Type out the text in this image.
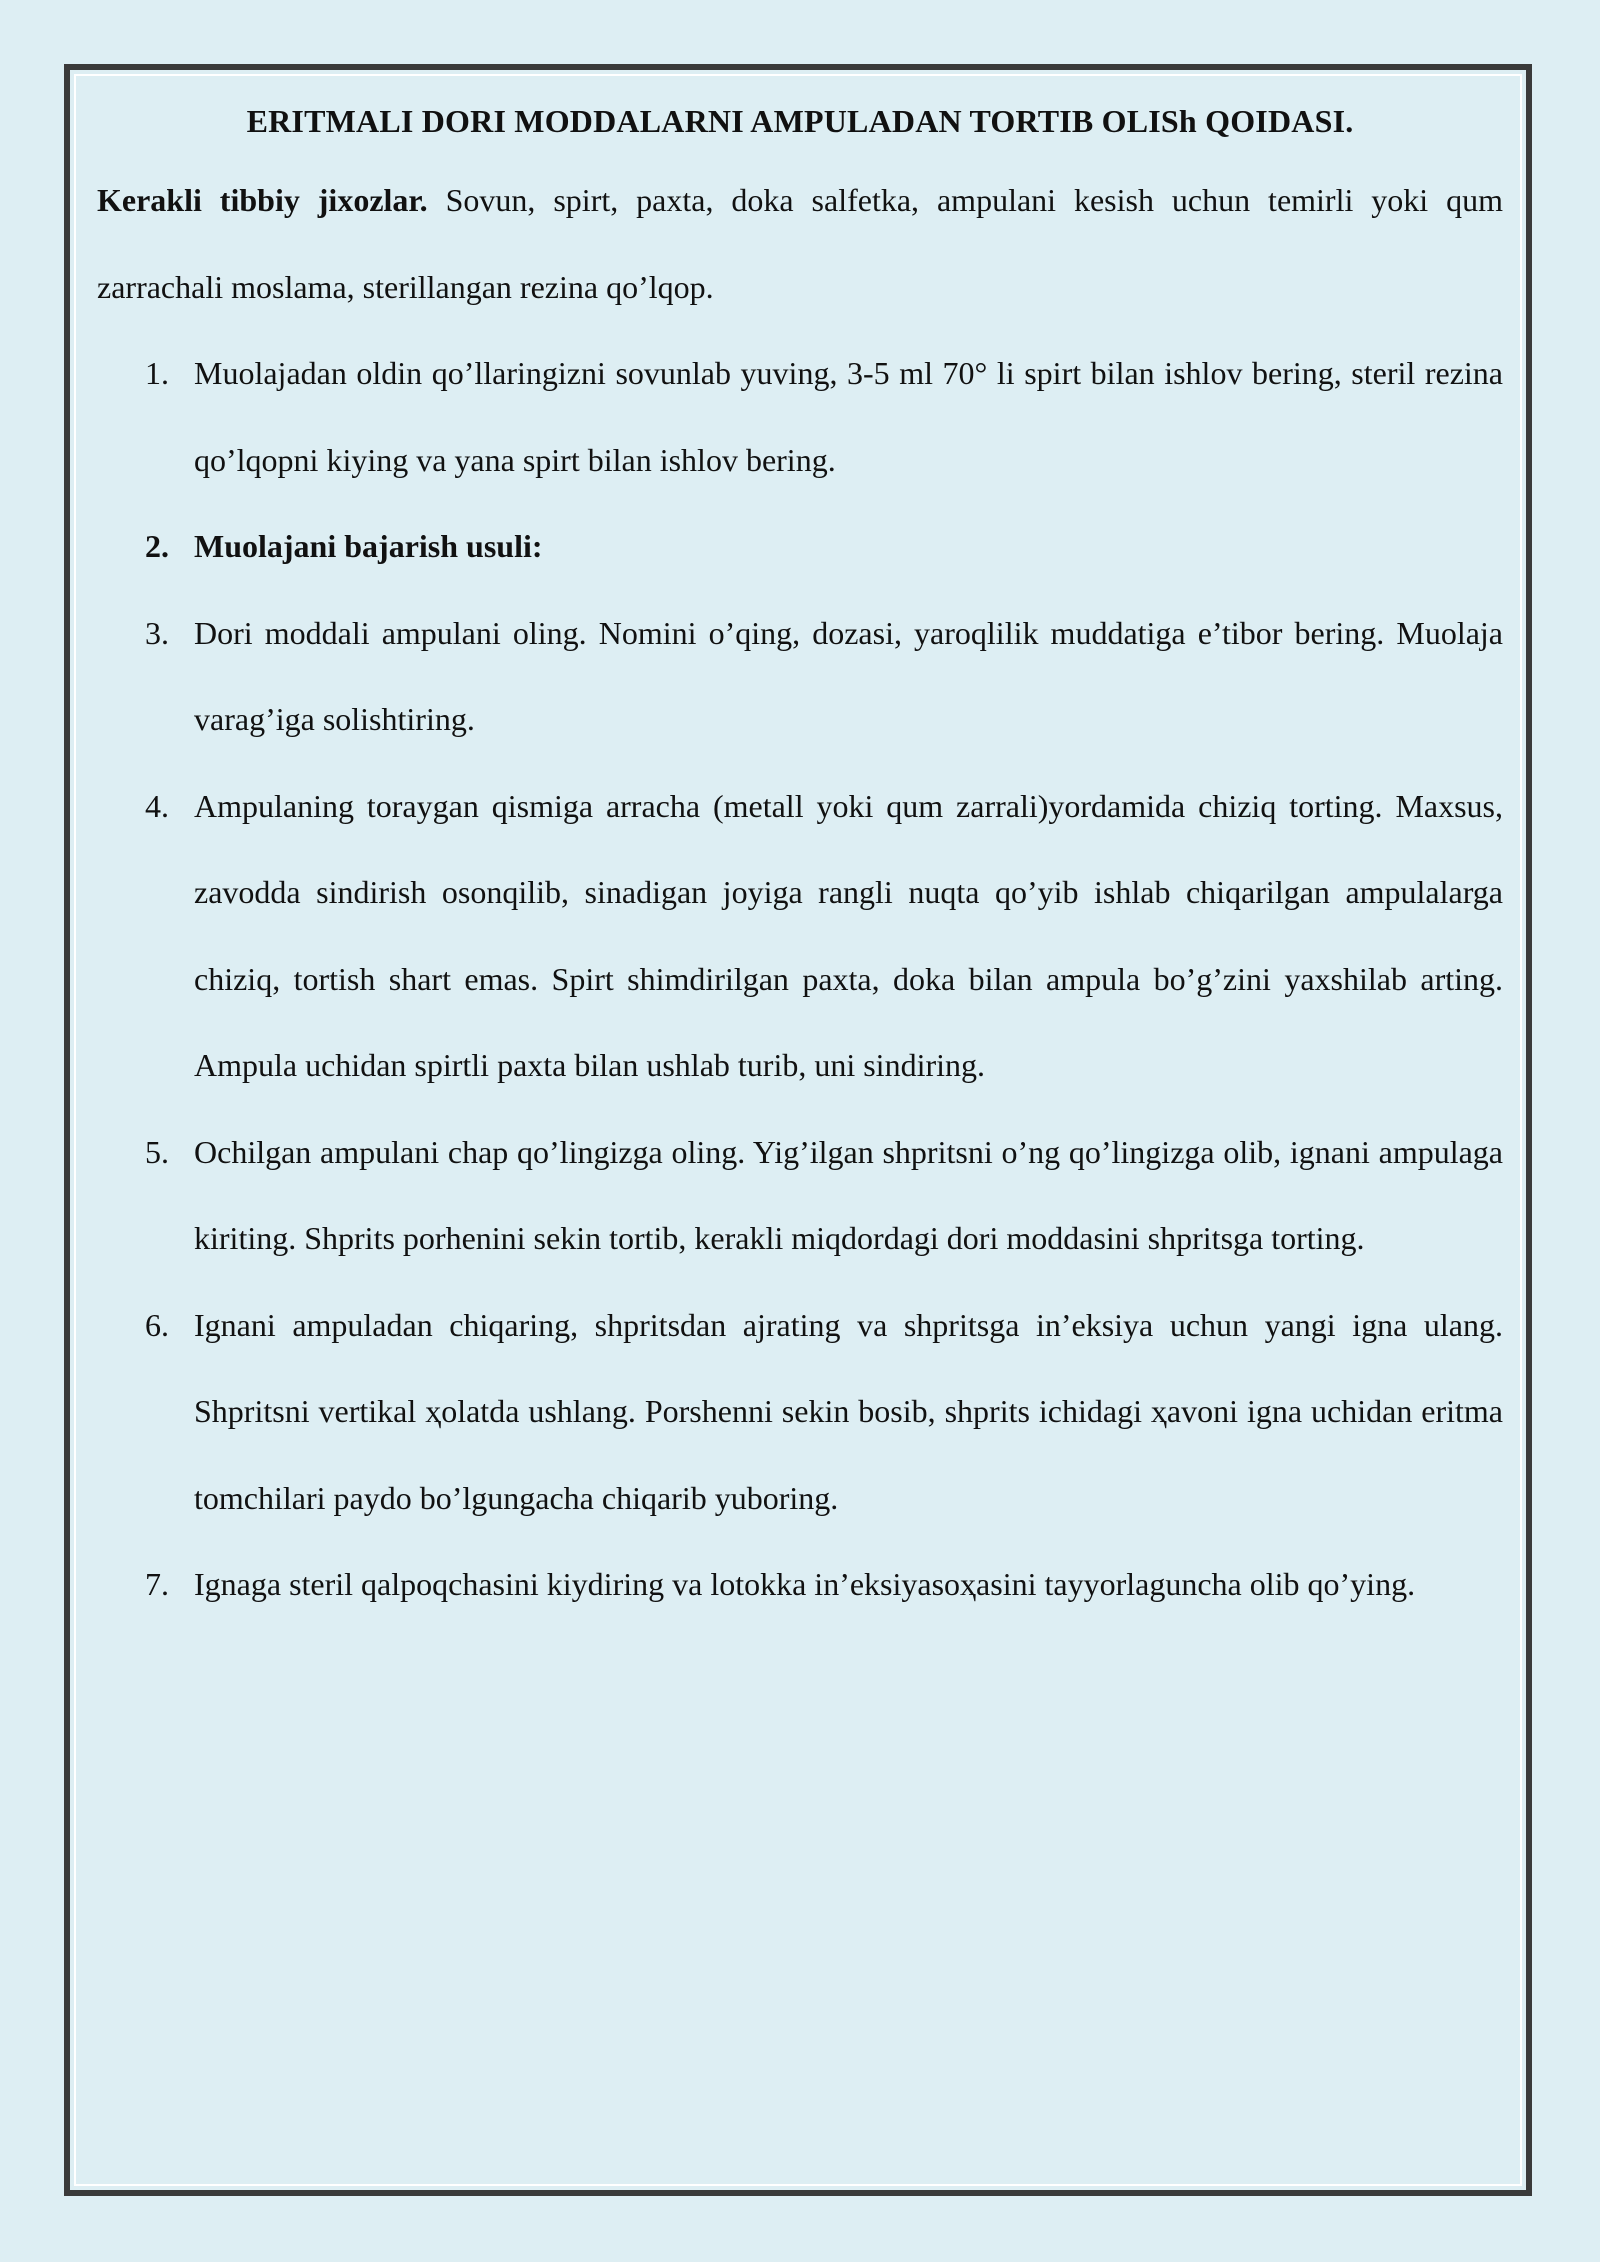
ERITMALI DORI MODDALARNI AMPULADAN TORTIB OLISh QOIDASI.

Kerakli tibbiy jixozlar. Sovun, spirt, paxta, doka salfetka, ampulani kesish uchun temirli yoki qum zarrachali moslama, sterillangan rezina qo’lqop.

1. Muolajadan oldin qo’llaringizni sovunlab yuving, 3-5 ml 70° li spirt bilan ishlov bering, steril rezina qo’lqopni kiying va yana spirt bilan ishlov bering.
2. Muolajani bajarish usuli:
3. Dori moddali ampulani oling. Nomini o’qing, dozasi, yaroqlilik muddatiga e’tibor bering. Muolaja varag’iga solishtiring.
4. Ampulaning toraygan qismiga arracha (metall yoki qum zarrali)yordamida chiziq torting. Maxsus, zavodda sindirish osonqilib, sinadigan joyiga rangli nuqta qo’yib ishlab chiqarilgan ampulalarga chiziq, tortish shart emas. Spirt shimdirilgan paxta, doka bilan ampula bo’g’zini yaxshilab arting. Ampula uchidan spirtli paxta bilan ushlab turib, uni sindiring.
5. Ochilgan ampulani chap qo’lingizga oling. Yig’ilgan shpritsni o’ng qo’lingizga olib, ignani ampulaga kiriting. Shprits porhenini sekin tortib, kerakli miqdordagi dori moddasini shpritsga torting.
6. Ignani ampuladan chiqaring, shpritsdan ajrating va shpritsga in’eksiya uchun yangi igna ulang. Shpritsni vertikal ҳolatda ushlang. Porshenni sekin bosib, shprits ichidagi ҳavoni igna uchidan eritma tomchilari paydo bo’lgungacha chiqarib yuboring.
7. Ignaga steril qalpoqchasini kiydiring va lotokka in’eksiyasoҳasini tayyorlaguncha olib qo’ying.
